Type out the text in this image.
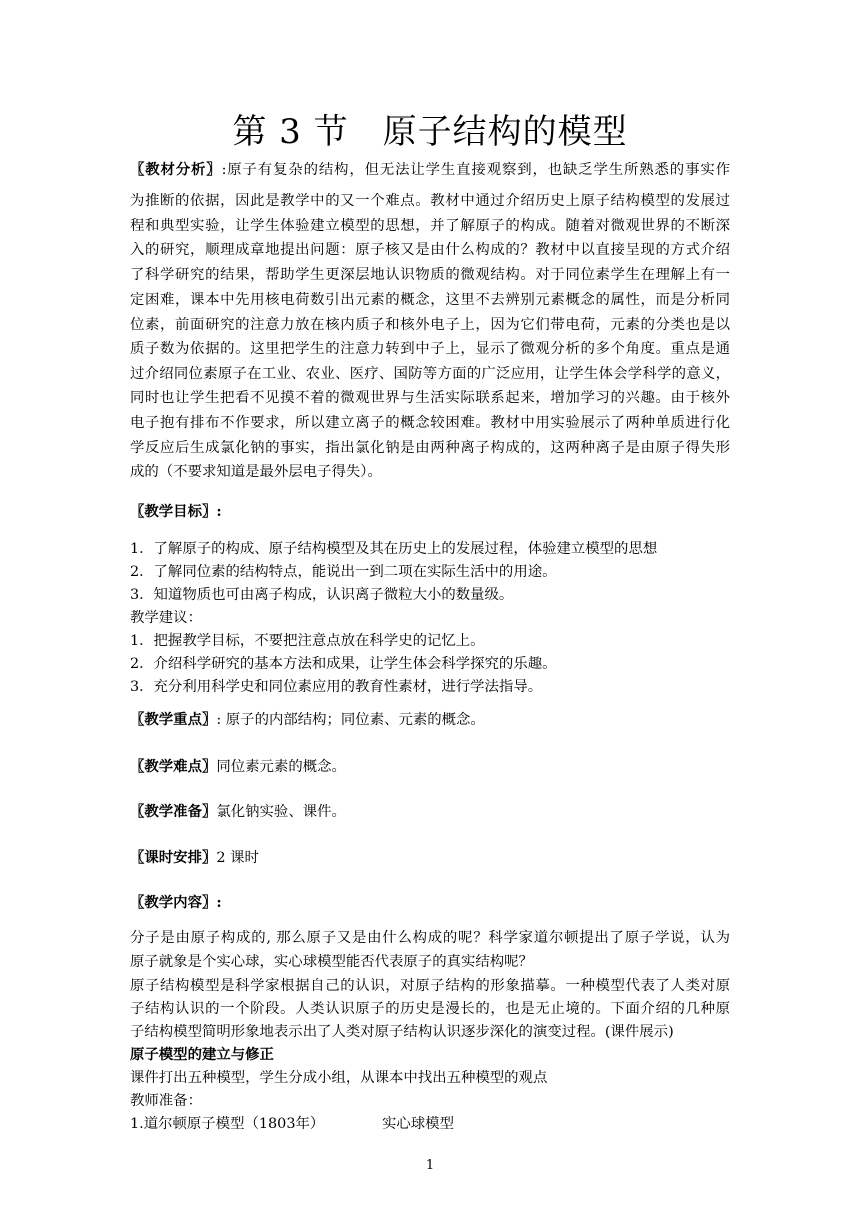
第 3 节 原子结构的模型
〖教材分析〗:原子有复杂的结构，但无法让学生直接观察到，也缺乏学生所熟悉的事实作
为推断的依据，因此是教学中的又一个难点。教材中通过介绍历史上原子结构模型的发展过
程和典型实验，让学生体验建立模型的思想，并了解原子的构成。随着对微观世界的不断深
入的研究，顺理成章地提出问题：原子核又是由什么构成的？教材中以直接呈现的方式介绍
了科学研究的结果，帮助学生更深层地认识物质的微观结构。对于同位素学生在理解上有一
定困难，课本中先用核电荷数引出元素的概念，这里不去辨别元素概念的属性，而是分析同
位素，前面研究的注意力放在核内质子和核外电子上，因为它们带电荷，元素的分类也是以
质子数为依据的。这里把学生的注意力转到中子上，显示了微观分析的多个角度。重点是通
过介绍同位素原子在工业、农业、医疗、国防等方面的广泛应用，让学生体会学科学的意义，
同时也让学生把看不见摸不着的微观世界与生活实际联系起来，增加学习的兴趣。由于核外
电子抱有排布不作要求，所以建立离子的概念较困难。教材中用实验展示了两种单质进行化
学反应后生成氯化钠的事实，指出氯化钠是由两种离子构成的，这两种离子是由原子得失形
成的（不要求知道是最外层电子得失）。
〖教学目标〗:
1．了解原子的构成、原子结构模型及其在历史上的发展过程，体验建立模型的思想
2．了解同位素的结构特点，能说出一到二项在实际生活中的用途。
3．知道物质也可由离子构成，认识离子微粒大小的数量级。
教学建议：
1．把握教学目标，不要把注意点放在科学史的记忆上。
2．介绍科学研究的基本方法和成果，让学生体会科学探究的乐趣。
3．充分利用科学史和同位素应用的教育性素材，进行学法指导。
〖教学重点〗: 原子的内部结构；同位素、元素的概念。
〖教学难点〗同位素元素的概念。
〖教学准备〗氯化钠实验、课件。
〖课时安排〗2 课时
〖教学内容〗:
分子是由原子构成的, 那么原子又是由什么构成的呢？科学家道尔顿提出了原子学说，认为
原子就象是个实心球，实心球模型能否代表原子的真实结构呢？
原子结构模型是科学家根据自己的认识，对原子结构的形象描摹。一种模型代表了人类对原
子结构认识的一个阶段。人类认识原子的历史是漫长的，也是无止境的。下面介绍的几种原
子结构模型简明形象地表示出了人类对原子结构认识逐步深化的演变过程。(课件展示)
原子模型的建立与修正
课件打出五种模型，学生分成小组，从课本中找出五种模型的观点
教师准备：
1.道尔顿原子模型（1803年）	实心球模型
1
